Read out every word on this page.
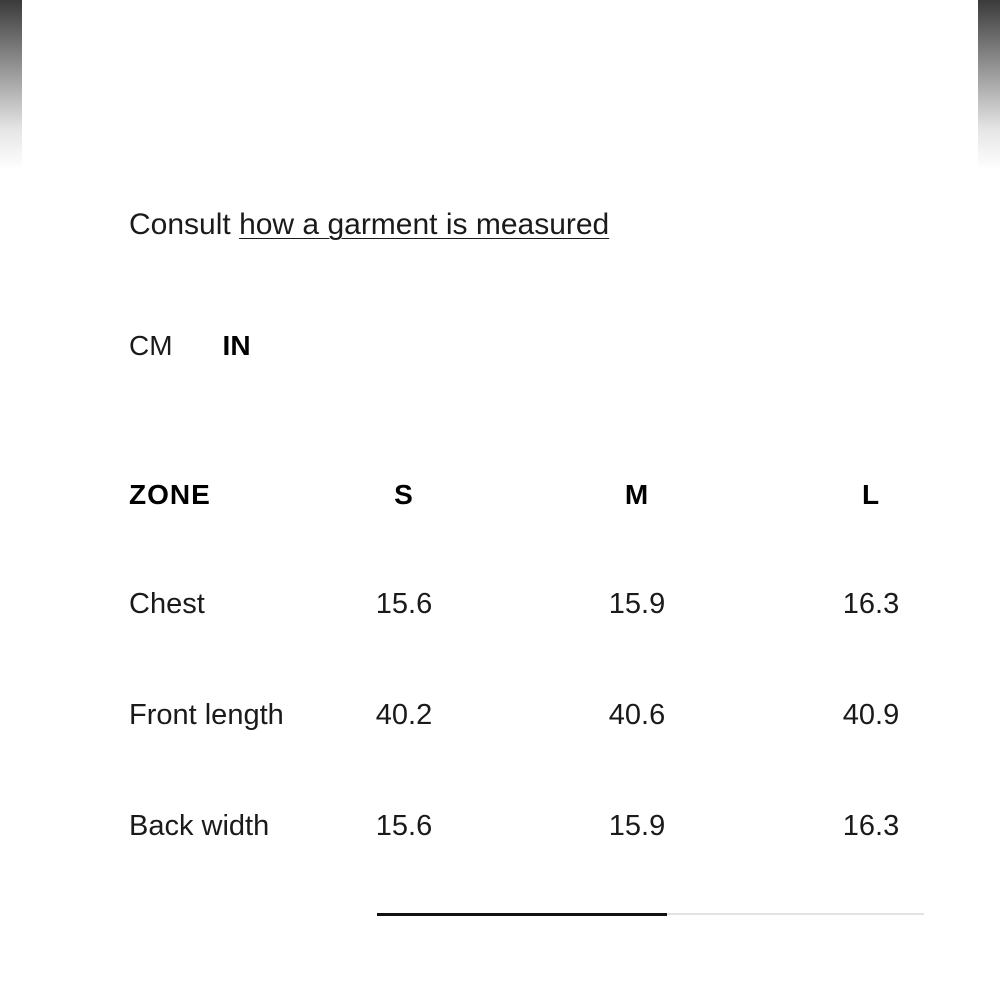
Consult how a garment is measured
CM IN
ZONE	S	M	L
Chest	15.6	15.9	16.3
Front length	40.2	40.6	40.9
Back width	15.6	15.9	16.3
